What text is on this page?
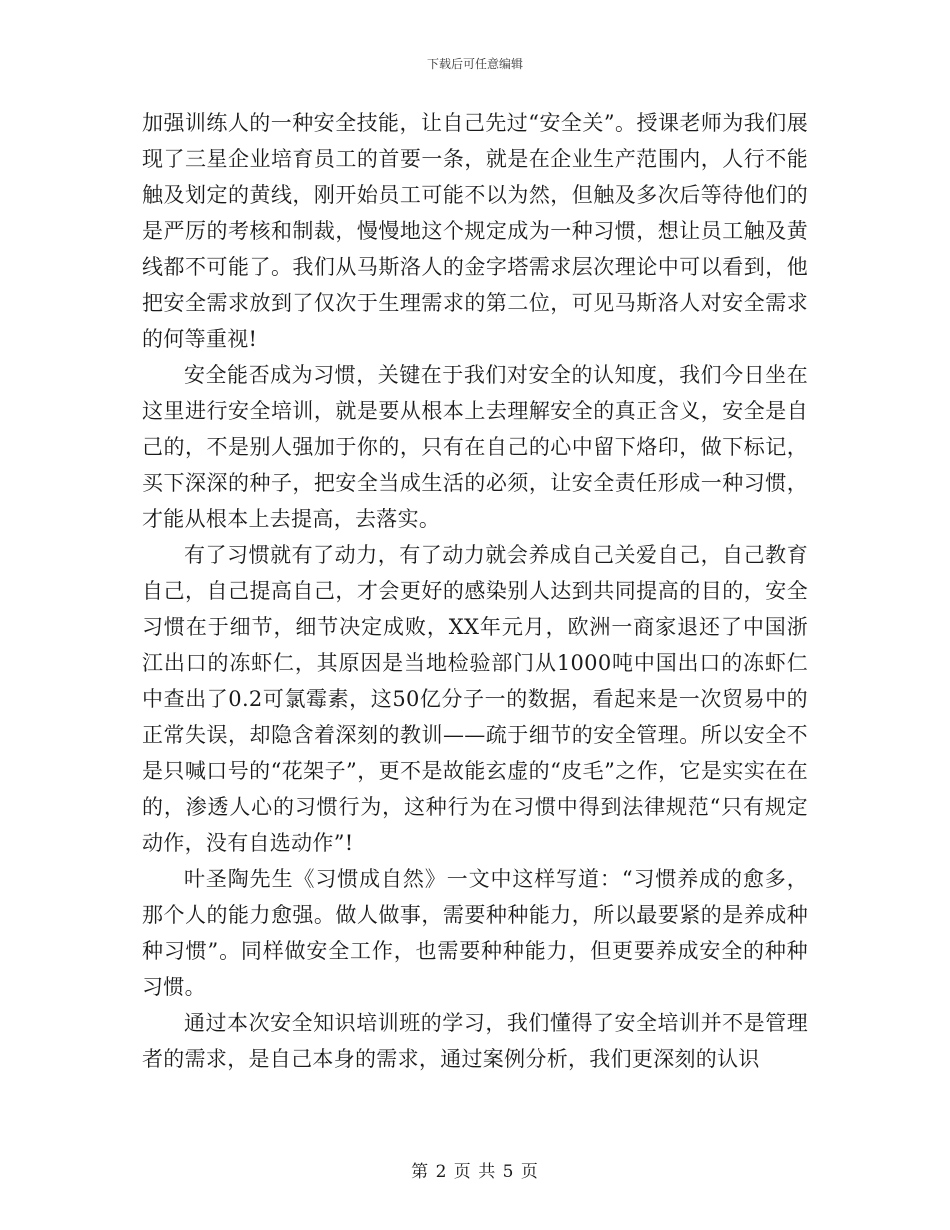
下载后可任意编辑

加强训练人的一种安全技能，让自己先过“安全关”。授课老师为我们展现了三星企业培育员工的首要一条，就是在企业生产范围内，人行不能触及划定的黄线，刚开始员工可能不以为然，但触及多次后等待他们的是严厉的考核和制裁，慢慢地这个规定成为一种习惯，想让员工触及黄线都不可能了。我们从马斯洛人的金字塔需求层次理论中可以看到，他把安全需求放到了仅次于生理需求的第二位，可见马斯洛人对安全需求的何等重视!

安全能否成为习惯，关键在于我们对安全的认知度，我们今日坐在这里进行安全培训，就是要从根本上去理解安全的真正含义，安全是自己的，不是别人强加于你的，只有在自己的心中留下烙印，做下标记，买下深深的种子，把安全当成生活的必须，让安全责任形成一种习惯，才能从根本上去提高，去落实。

有了习惯就有了动力，有了动力就会养成自己关爱自己，自己教育自己，自己提高自己，才会更好的感染别人达到共同提高的目的，安全习惯在于细节，细节决定成败，XX年元月，欧洲一商家退还了中国浙江出口的冻虾仁，其原因是当地检验部门从1000吨中国出口的冻虾仁中查出了0.2可氯霉素，这50亿分子一的数据，看起来是一次贸易中的正常失误，却隐含着深刻的教训——疏于细节的安全管理。所以安全不是只喊口号的“花架子”，更不是故能玄虚的“皮毛”之作，它是实实在在的，渗透人心的习惯行为，这种行为在习惯中得到法律规范“只有规定动作，没有自选动作”!

叶圣陶先生《习惯成自然》一文中这样写道：“习惯养成的愈多，那个人的能力愈强。做人做事，需要种种能力，所以最要紧的是养成种种习惯”。同样做安全工作，也需要种种能力，但更要养成安全的种种习惯。

通过本次安全知识培训班的学习，我们懂得了安全培训并不是管理者的需求，是自己本身的需求，通过案例分析，我们更深刻的认识

第 2 页 共 5 页
